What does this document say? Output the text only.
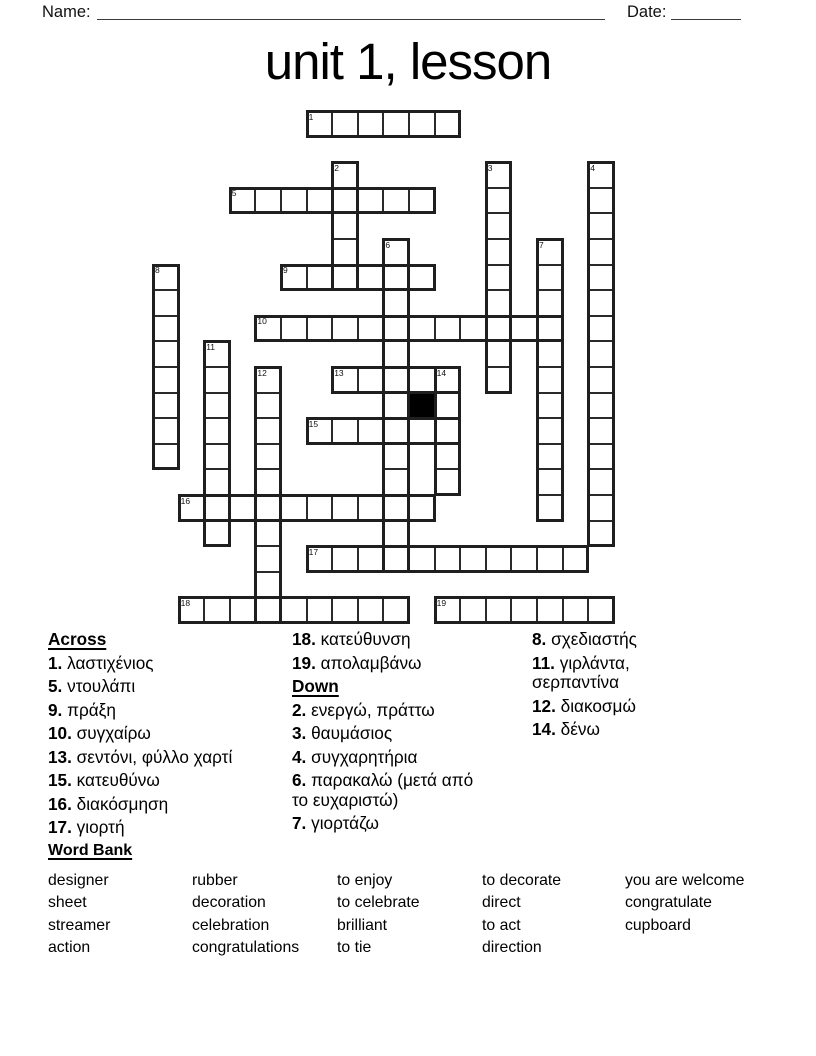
Name:	Date:
unit 1, lesson
1
5
9
10
13
15
16
17
18	19
2	3	4
6	7
8
11
12	14
Across
1. λαστιχένιος
5. ντουλάπι
9. πράξη
10. συγχαίρω
13. σεντόνι, φύλλο χαρτί
15. κατευθύνω
16. διακόσμηση
17. γιορτή
18. κατεύθυνση
19. απολαμβάνω
Down
2. ενεργώ, πράττω
3. θαυμάσιος
4. συγχαρητήρια
6. παρακαλώ (μετά από το ευχαριστώ)
7. γιορτάζω
8. σχεδιαστής
11. γιρλάντα, σερπαντίνα
12. διακοσμώ
14. δένω
Word Bank
designer
sheet
streamer
action
rubber
decoration
celebration
congratulations
to enjoy
to celebrate
brilliant
to tie
to decorate
direct
to act
direction
you are welcome
congratulate
cupboard
